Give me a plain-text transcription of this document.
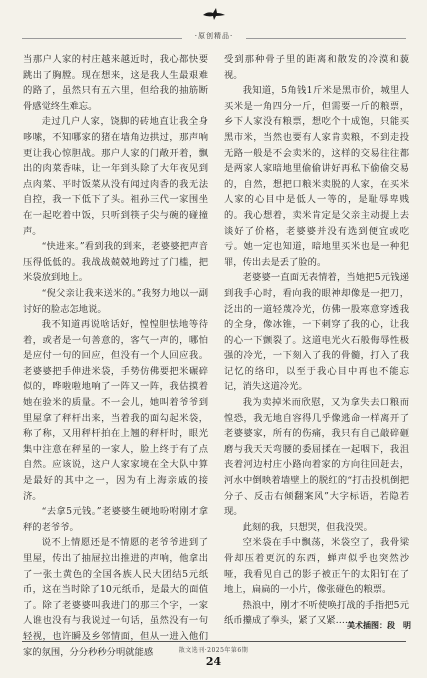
·原创精品·

当那户人家的村庄越来越近时，我心都快要跳出了胸膛。现在想来，这是我人生最艰难的路了，虽然只有五六里，但给我的抽筋断骨感觉终生难忘。

走过几户人家，饶脚的砖地直让我全身哆嗦，不知哪家的猪在墙角边拱过，那声响更让我心惊胆战。那户人家的门敞开着，飘出的肉菜香味，让一年到头除了大年夜见到点肉菜、平时饭菜从没有闻过肉香的我无法自控，我一下低下了头。祖孙三代一家围坐在一起吃着中饭，只听到筷子尖与碗的碰撞声。

“快进来。”看到我的到来，老婆婆把声音压得低低的。我战战兢兢地跨过了门槛，把米袋放到地上。

“倪父亲让我来送米的。”我努力地以一副讨好的脸志怎地说。

我不知道再说啥话好，惶惶胆怯地等待着，或者是一句善意的，客气一声的，哪怕是应付一句的回应，但没有一个人回应我。老婆婆把手伸进米袋，手势仿佛要把米碾碎似的，哗啦啦地响了一阵又一阵，我估摸着她在验米的质量。不一会儿，她叫着爷爷到里屋拿了秤杆出来，当着我的面勾起米袋，称了称，又用秤杆拍在上翘的秤杆时，眼光集中注意在秤星的一家人，脸上终于有了点自然。应该说，这户人家家境在全大队中算是最好的其中之一，因为有上海亲戚的接济。

“去拿5元钱。”老婆婆生硬地吩咐刚才拿秤的老爷爷。

说不上情愿还是不情愿的老爷爷进到了里屋，传出了抽屉拉出推进的声响，他拿出了一张土黄色的全国各族人民大团结5元纸币，这在当时除了10元纸币，是最大的面值了。除了老婆婆叫我进门的那三个字，一家人谁也没有与我说过一句话，虽然没有一句轻视，也许瞬及乡邻情面，但从一进入他们家的氛围，分分秒秒分明就能感

受到那种骨子里的距离和散发的冷漠和藐视。

我知道，5角钱1斤米是黑市价，城里人买米是一角四分一斤，但需要一斤的粮票，乡下人家没有粮票，想吃个十成饱，只能买黑市米，当然也要有人家肯卖粮，不到走投无路一般是不会卖米的，这样的交易往往都是两家人家暗地里偷偷讲好再私下偷偷交易的，自然，想把口粮米卖脱的人家，在买米人家的心目中是低人一等的，是耻辱卑贱的。我心想着，卖米肯定是父亲主动提上去谈好了价格，老婆婆并没有选到便宜或吃亏。她一定也知道，暗地里买米也是一种犯罪，传出去是丢了脸的。

老婆婆一直面无表情着，当她把5元钱递到我手心时，看向我的眼神却像是一把刀，泛出的一道轻蔑冷光，仿佛一股寒意穿透我的全身，像冰锥，一下刺穿了我的心，让我的心一下颤裂了。这道电光火石般侮辱性极强的冷光，一下刻入了我的骨髓，打入了我记忆的络印，以至于我心目中再也不能忘记，消失这道冷光。

我为卖掉米而欣慰，又为拿失去口粮而惶恐，我无地自容得几乎像逃命一样离开了老婆婆家，所有的伤痛，我只有自己敲碎砸磨与我天天弯腰的委屈揉在一起咽下，我沮丧着河边村庄小路向着家的方向往回赶去，河水中倒映着墙壁上的脱红的“打击投机倒把分子、反击右倾翻案风”大字标语，若隐若现。

此刻的我，只想哭，但我没哭。

空米袋在手中飘荡，米袋空了，我骨梁骨却压着更沉的东西，蝉声似乎也突然沙哑，我看见自己的影子被正午的太阳钉在了地上，扁扁的一小片，像张碰色的粮票。

热浪中，刚才不听使唤打战的手指把5元纸币攥成了拳头，紧了又紧……

美术插图：段　明
散文选刊·2025年第6期
24
